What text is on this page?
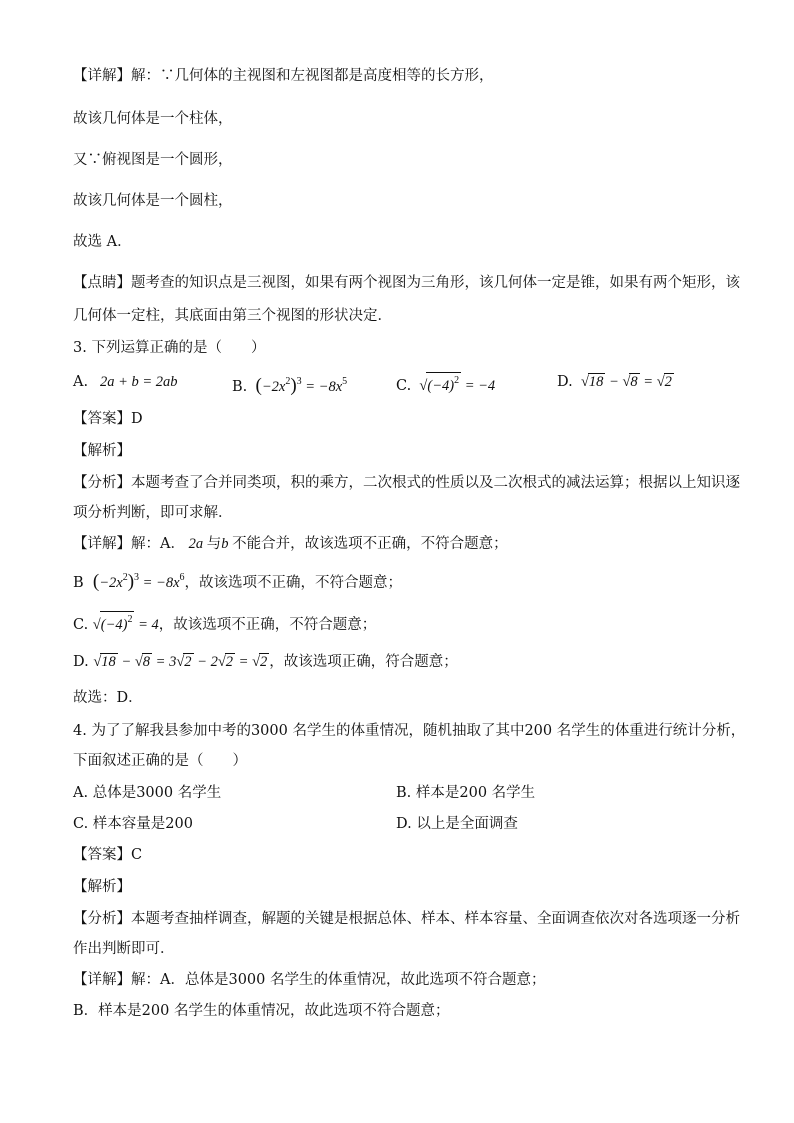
【详解】解：∵几何体的主视图和左视图都是高度相等的长方形，
故该几何体是一个柱体，
又∵俯视图是一个圆形，
故该几何体是一个圆柱，
故选 A．
【点睛】题考查的知识点是三视图，如果有两个视图为三角形，该几何体一定是锥，如果有两个矩形，该
几何体一定柱，其底面由第三个视图的形状决定．
3. 下列运算正确的是（　　）
A.   2a + b = 2ab	B. $(-2x^2)^3 = -8x^5$	C.  $√(-4)^2 = -4$	D.  √18 − √8 = √2
【答案】D
【解析】
【分析】本题考查了合并同类项，积的乘方，二次根式的性质以及二次根式的减法运算；根据以上知识逐
项分析判断，即可求解．
【详解】解：A． 2a 与b 不能合并，故该选项不正确，不符合题意；
B $(-2x^2)^3 = -8x^6$，故该选项不正确，不符合题意；
C. $√(-4)^2 = 4$，故该选项不正确，不符合题意；
D. √18 − √8 = 3√2 − 2√2 = √2 ，故该选项正确，符合题意；
故选：D．
4. 为了了解我县参加中考的3000 名学生的体重情况，随机抽取了其中200 名学生的体重进行统计分析，
下面叙述正确的是（　　）
A. 总体是3000 名学生	B. 样本是200 名学生
C. 样本容量是200	D. 以上是全面调查
【答案】C
【解析】
【分析】本题考查抽样调查，解题的关键是根据总体、样本、样本容量、全面调查依次对各选项逐一分析
作出判断即可．
【详解】解：A．总体是3000 名学生的体重情况，故此选项不符合题意；
B．样本是200 名学生的体重情况，故此选项不符合题意；
